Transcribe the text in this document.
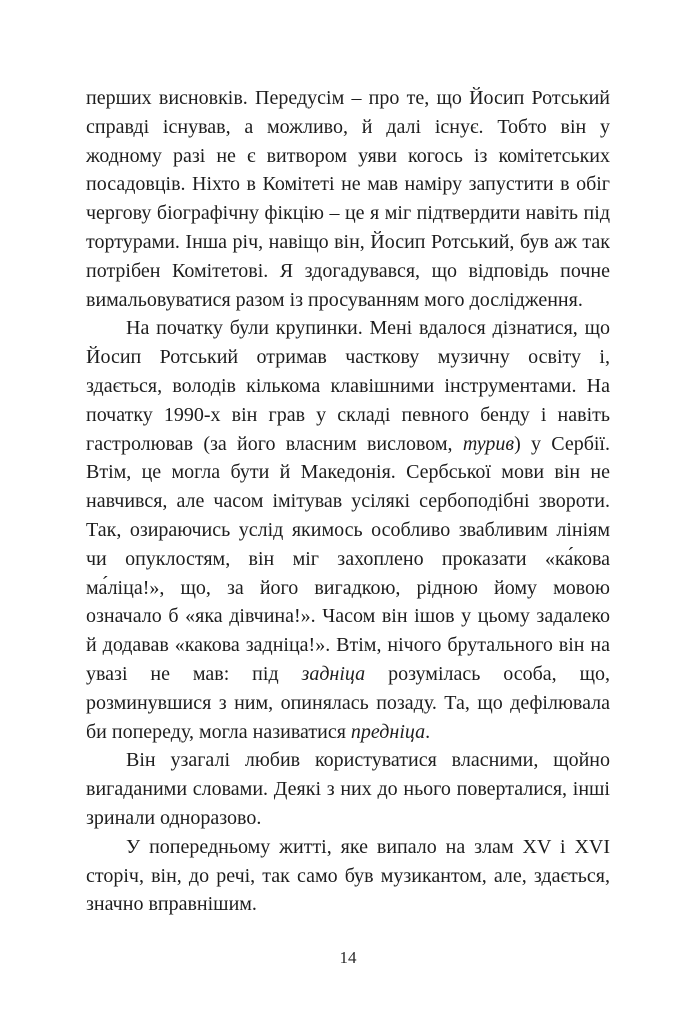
перших висновків. Передусім – про те, що Йосип Ротський справді існував, а можливо, й далі існує. Тобто він у жодному разі не є витвором уяви когось із комітетських посадовців. Ніхто в Комітеті не мав наміру запустити в обіг чергову біографічну фікцію – це я міг підтвердити навіть під тортурами. Інша річ, навіщо він, Йосип Ротський, був аж так потрібен Комітетові. Я здогадувався, що відповідь почне вимальовуватися разом із просуванням мого дослідження.

На початку були крупинки. Мені вдалося дізнатися, що Йосип Ротський отримав часткову музичну освіту і, здається, володів кількома клавішними інструментами. На початку 1990-х він грав у складі певного бенду і навіть гастролював (за його власним висловом, турив) у Сербії. Втім, це могла бути й Македонія. Сербської мови він не навчився, але часом імітував усілякі сербоподібні звороти. Так, озираючись услід якимось особливо звабливим лініям чи опуклостям, він міг захоплено проказати «ка́кова ма́ліца!», що, за його вигадкою, рідною йому мовою означало б «яка дівчина!». Часом він ішов у цьому задалеко й додавав «какова задніца!». Втім, нічого брутального він на увазі не мав: під задніца розумілась особа, що, розминувшися з ним, опинялась позаду. Та, що дефілювала би попереду, могла називатися предніца.

Він узагалі любив користуватися власними, щойно вигаданими словами. Деякі з них до нього поверталися, інші зринали одноразово.

У попередньому житті, яке випало на злам XV і XVI сторіч, він, до речі, так само був музикантом, але, здається, значно вправнішим.

14
